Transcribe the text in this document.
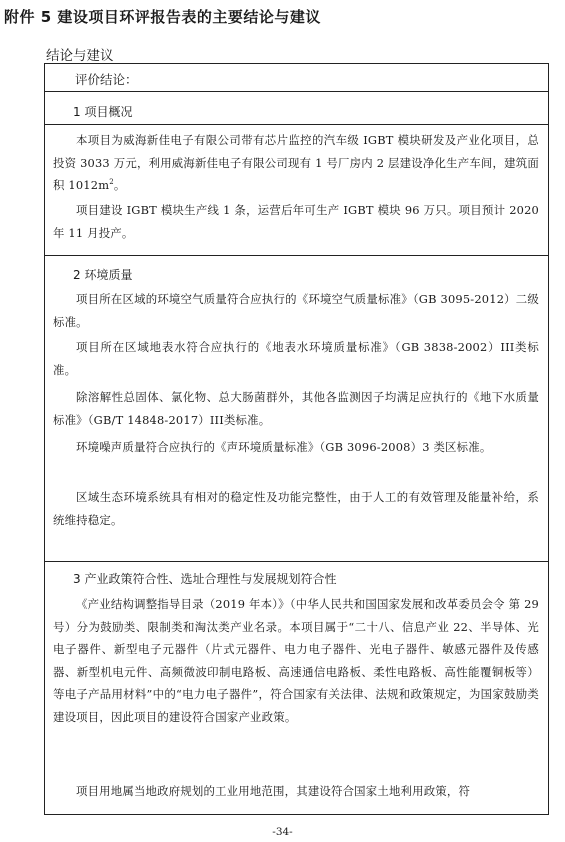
附件 5 建设项目环评报告表的主要结论与建议
结论与建议
评价结论：
1 项目概况
本项目为威海新佳电子有限公司带有芯片监控的汽车级 IGBT 模块研发及产业化项目，总投资 3033 万元，利用威海新佳电子有限公司现有 1 号厂房内 2 层建设净化生产车间，建筑面积 $1012m^2$。
项目建设 IGBT 模块生产线 1 条，运营后年可生产 IGBT 模块 96 万只。项目预计 2020 年 11 月投产。
2 环境质量
项目所在区域的环境空气质量符合应执行的《环境空气质量标准》（GB 3095-2012）二级标准。
项目所在区域地表水符合应执行的《地表水环境质量标准》（GB 3838-2002）III类标准。
除溶解性总固体、氯化物、总大肠菌群外，其他各监测因子均满足应执行的《地下水质量标准》（GB/T 14848-2017）III类标准。
环境噪声质量符合应执行的《声环境质量标准》（GB 3096-2008）3 类区标准。
区域生态环境系统具有相对的稳定性及功能完整性，由于人工的有效管理及能量补给，系统维持稳定。
3 产业政策符合性、选址合理性与发展规划符合性
《产业结构调整指导目录（2019 年本）》（中华人民共和国国家发展和改革委员会令 第 29 号）分为鼓励类、限制类和淘汰类产业名录。本项目属于“二十八、信息产业 22、半导体、光电子器件、新型电子元器件（片式元器件、电力电子器件、光电子器件、敏感元器件及传感器、新型机电元件、高频微波印制电路板、高速通信电路板、柔性电路板、高性能覆铜板等）等电子产品用材料”中的“电力电子器件”，符合国家有关法律、法规和政策规定，为国家鼓励类建设项目，因此项目的建设符合国家产业政策。
项目用地属当地政府规划的工业用地范围，其建设符合国家土地利用政策，符
-34-
